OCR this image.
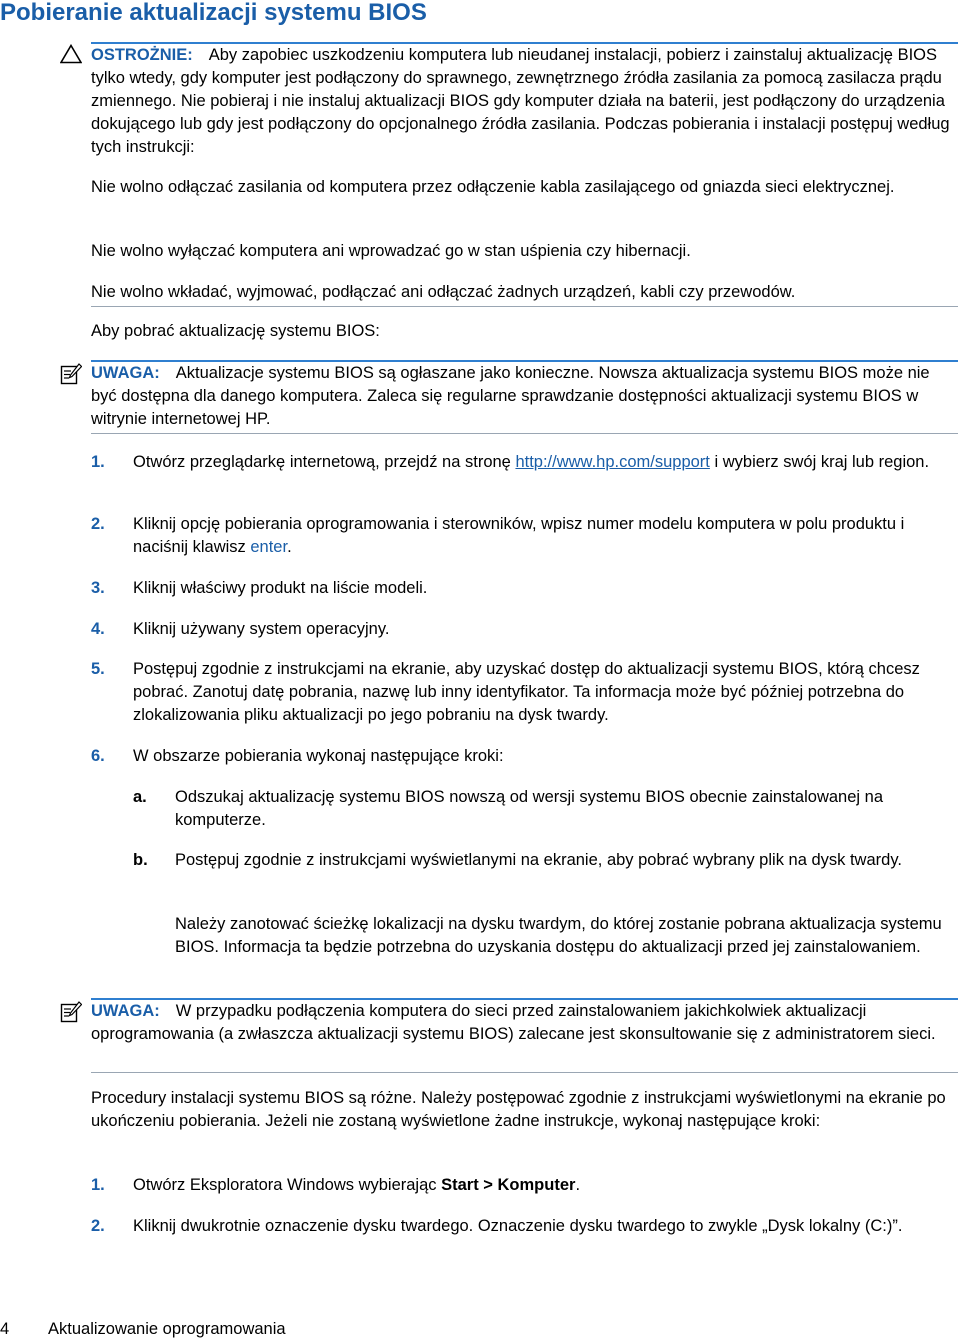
Pobieranie aktualizacji systemu BIOS

OSTROŻNIE: Aby zapobiec uszkodzeniu komputera lub nieudanej instalacji, pobierz i zainstaluj aktualizację BIOS tylko wtedy, gdy komputer jest podłączony do sprawnego, zewnętrznego źródła zasilania za pomocą zasilacza prądu zmiennego. Nie pobieraj i nie instaluj aktualizacji BIOS gdy komputer działa na baterii, jest podłączony do urządzenia dokującego lub gdy jest podłączony do opcjonalnego źródła zasilania. Podczas pobierania i instalacji postępuj według tych instrukcji:

Nie wolno odłączać zasilania od komputera przez odłączenie kabla zasilającego od gniazda sieci elektrycznej.

Nie wolno wyłączać komputera ani wprowadzać go w stan uśpienia czy hibernacji.

Nie wolno wkładać, wyjmować, podłączać ani odłączać żadnych urządzeń, kabli czy przewodów.

Aby pobrać aktualizację systemu BIOS:

UWAGA: Aktualizacje systemu BIOS są ogłaszane jako konieczne. Nowsza aktualizacja systemu BIOS może nie być dostępna dla danego komputera. Zaleca się regularne sprawdzanie dostępności aktualizacji systemu BIOS w witrynie internetowej HP.

1. Otwórz przeglądarkę internetową, przejdź na stronę http://www.hp.com/support i wybierz swój kraj lub region.

2. Kliknij opcję pobierania oprogramowania i sterowników, wpisz numer modelu komputera w polu produktu i naciśnij klawisz enter.

3. Kliknij właściwy produkt na liście modeli.

4. Kliknij używany system operacyjny.

5. Postępuj zgodnie z instrukcjami na ekranie, aby uzyskać dostęp do aktualizacji systemu BIOS, którą chcesz pobrać. Zanotuj datę pobrania, nazwę lub inny identyfikator. Ta informacja może być później potrzebna do zlokalizowania pliku aktualizacji po jego pobraniu na dysk twardy.

6. W obszarze pobierania wykonaj następujące kroki:

a. Odszukaj aktualizację systemu BIOS nowszą od wersji systemu BIOS obecnie zainstalowanej na komputerze.

b. Postępuj zgodnie z instrukcjami wyświetlanymi na ekranie, aby pobrać wybrany plik na dysk twardy.

Należy zanotować ścieżkę lokalizacji na dysku twardym, do której zostanie pobrana aktualizacja systemu BIOS. Informacja ta będzie potrzebna do uzyskania dostępu do aktualizacji przed jej zainstalowaniem.

UWAGA: W przypadku podłączenia komputera do sieci przed zainstalowaniem jakichkolwiek aktualizacji oprogramowania (a zwłaszcza aktualizacji systemu BIOS) zalecane jest skonsultowanie się z administratorem sieci.

Procedury instalacji systemu BIOS są różne. Należy postępować zgodnie z instrukcjami wyświetlonymi na ekranie po ukończeniu pobierania. Jeżeli nie zostaną wyświetlone żadne instrukcje, wykonaj następujące kroki:

1. Otwórz Eksploratora Windows wybierając Start > Komputer.

2. Kliknij dwukrotnie oznaczenie dysku twardego. Oznaczenie dysku twardego to zwykle „Dysk lokalny (C:)”.

4 Aktualizowanie oprogramowania
